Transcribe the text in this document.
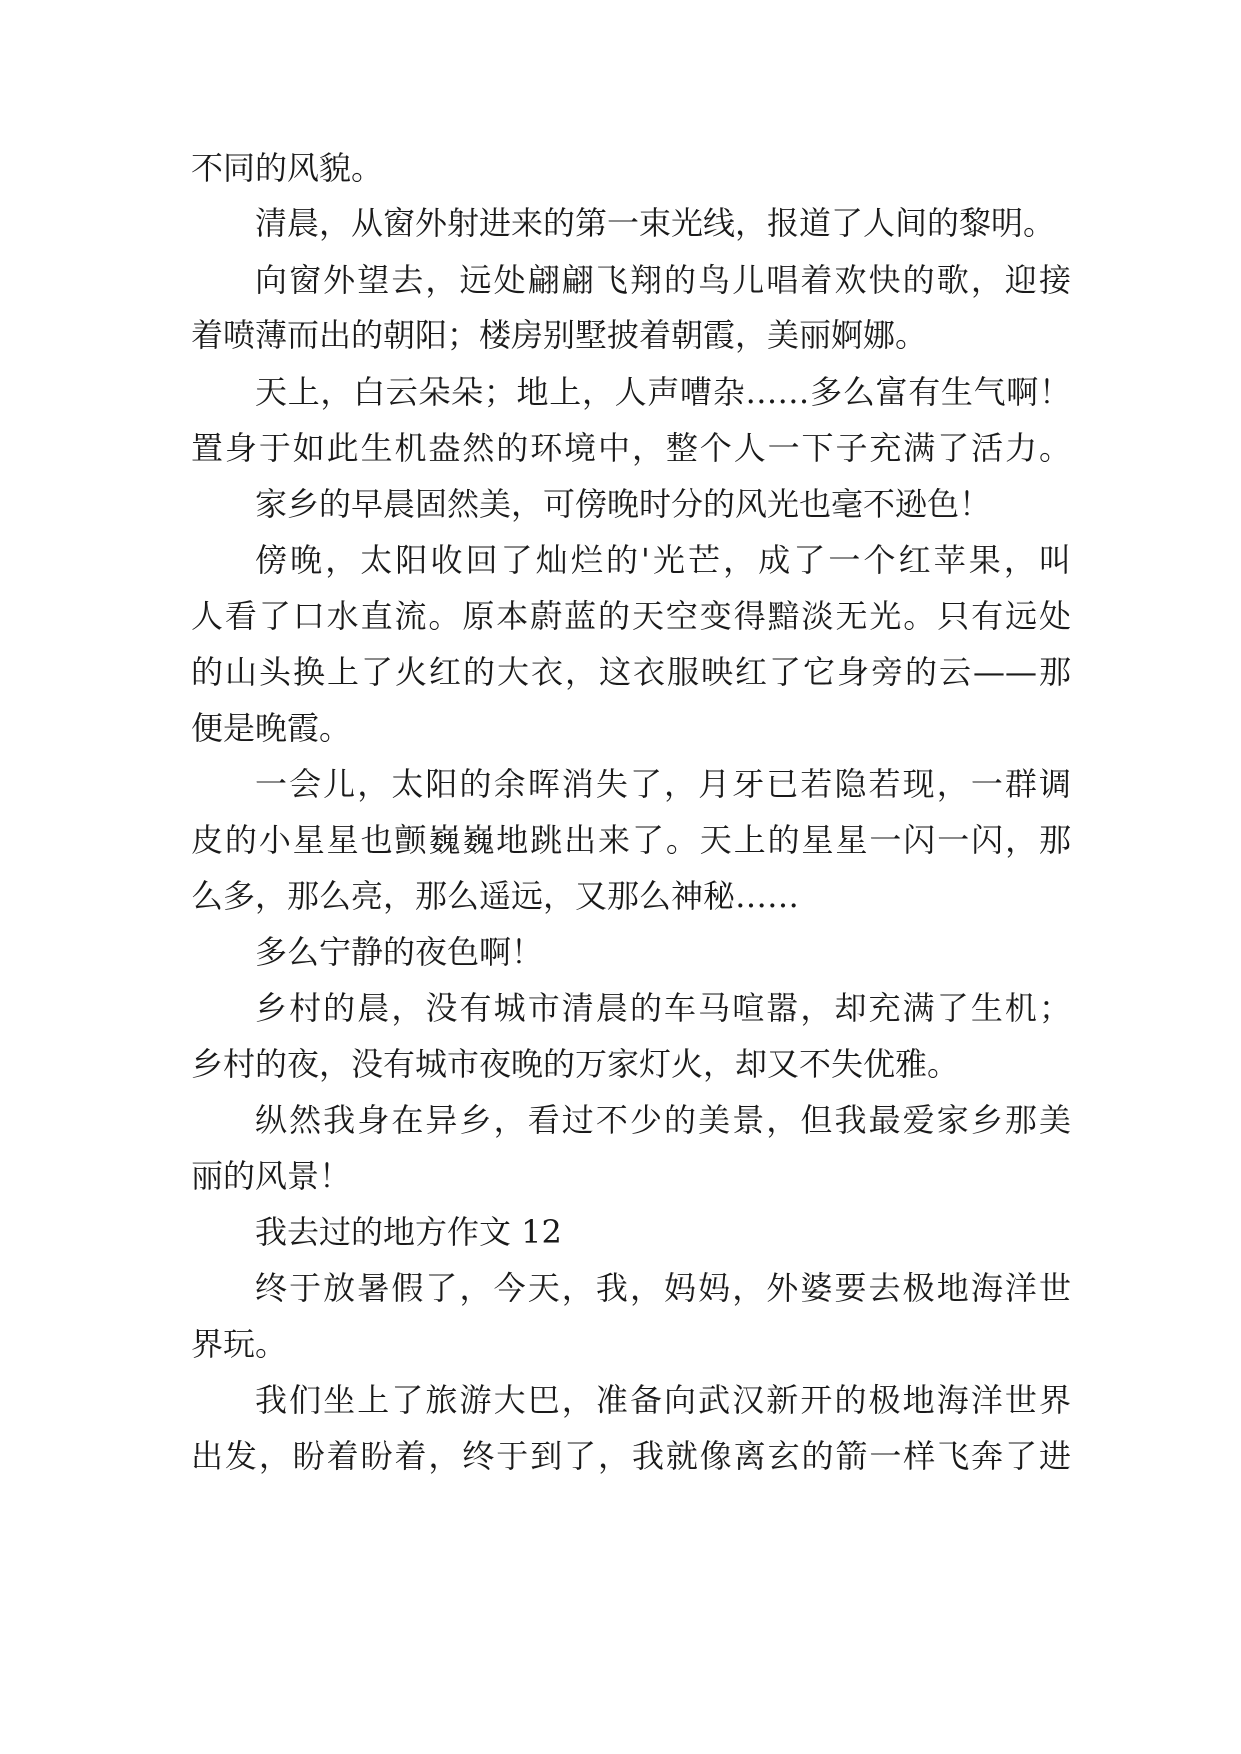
不同的风貌。

清晨，从窗外射进来的第一束光线，报道了人间的黎明。

向窗外望去，远处翩翩飞翔的鸟儿唱着欢快的歌，迎接

着喷薄而出的朝阳；楼房别墅披着朝霞，美丽婀娜。

天上，白云朵朵；地上，人声嘈杂……多么富有生气啊！

置身于如此生机盎然的环境中，整个人一下子充满了活力。

家乡的早晨固然美，可傍晚时分的风光也毫不逊色！

傍晚，太阳收回了灿烂的'光芒，成了一个红苹果，叫

人看了口水直流。原本蔚蓝的天空变得黯淡无光。只有远处

的山头换上了火红的大衣，这衣服映红了它身旁的云——那

便是晚霞。

一会儿，太阳的余晖消失了，月牙已若隐若现，一群调

皮的小星星也颤巍巍地跳出来了。天上的星星一闪一闪，那

么多，那么亮，那么遥远，又那么神秘……

多么宁静的夜色啊！

乡村的晨，没有城市清晨的车马喧嚣，却充满了生机；

乡村的夜，没有城市夜晚的万家灯火，却又不失优雅。

纵然我身在异乡，看过不少的美景，但我最爱家乡那美

丽的风景！

我去过的地方作文 12

终于放暑假了，今天，我，妈妈，外婆要去极地海洋世

界玩。

我们坐上了旅游大巴，准备向武汉新开的极地海洋世界

出发，盼着盼着，终于到了，我就像离玄的箭一样飞奔了进
